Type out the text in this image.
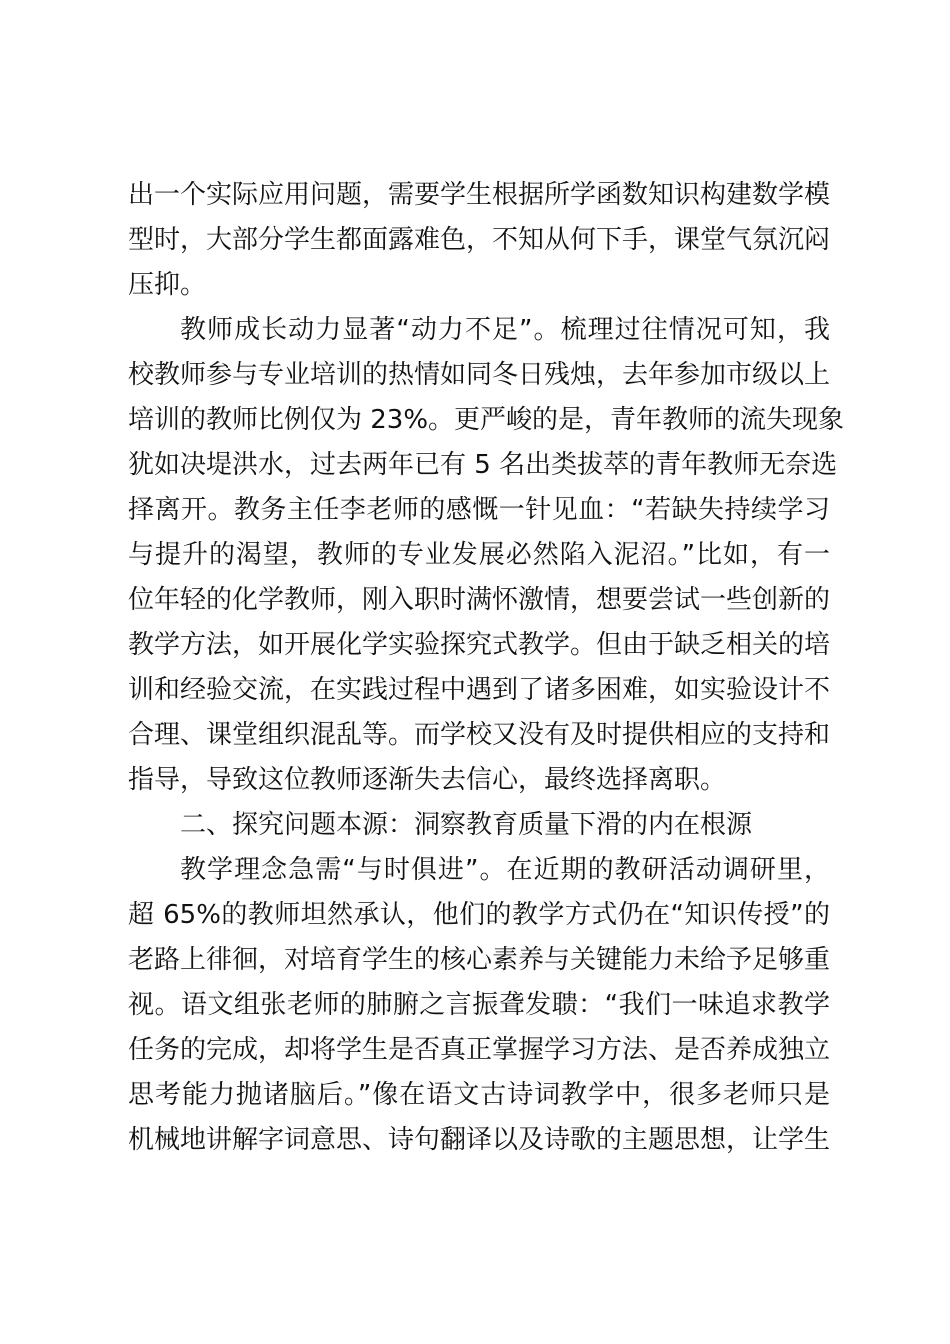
出一个实际应用问题，需要学生根据所学函数知识构建数学模
型时，大部分学生都面露难色，不知从何下手，课堂气氛沉闷
压抑。
教师成长动力显著“动力不足”。梳理过往情况可知，我
校教师参与专业培训的热情如同冬日残烛，去年参加市级以上
培训的教师比例仅为 23%。更严峻的是，青年教师的流失现象
犹如决堤洪水，过去两年已有 5 名出类拔萃的青年教师无奈选
择离开。教务主任李老师的感慨一针见血：“若缺失持续学习
与提升的渴望，教师的专业发展必然陷入泥沼。”比如，有一
位年轻的化学教师，刚入职时满怀激情，想要尝试一些创新的
教学方法，如开展化学实验探究式教学。但由于缺乏相关的培
训和经验交流，在实践过程中遇到了诸多困难，如实验设计不
合理、课堂组织混乱等。而学校又没有及时提供相应的支持和
指导，导致这位教师逐渐失去信心，最终选择离职。
二、探究问题本源：洞察教育质量下滑的内在根源
教学理念急需“与时俱进”。在近期的教研活动调研里，
超 65%的教师坦然承认，他们的教学方式仍在“知识传授”的
老路上徘徊，对培育学生的核心素养与关键能力未给予足够重
视。语文组张老师的肺腑之言振聋发聩：“我们一味追求教学
任务的完成，却将学生是否真正掌握学习方法、是否养成独立
思考能力抛诸脑后。”像在语文古诗词教学中，很多老师只是
机械地讲解字词意思、诗句翻译以及诗歌的主题思想，让学生
